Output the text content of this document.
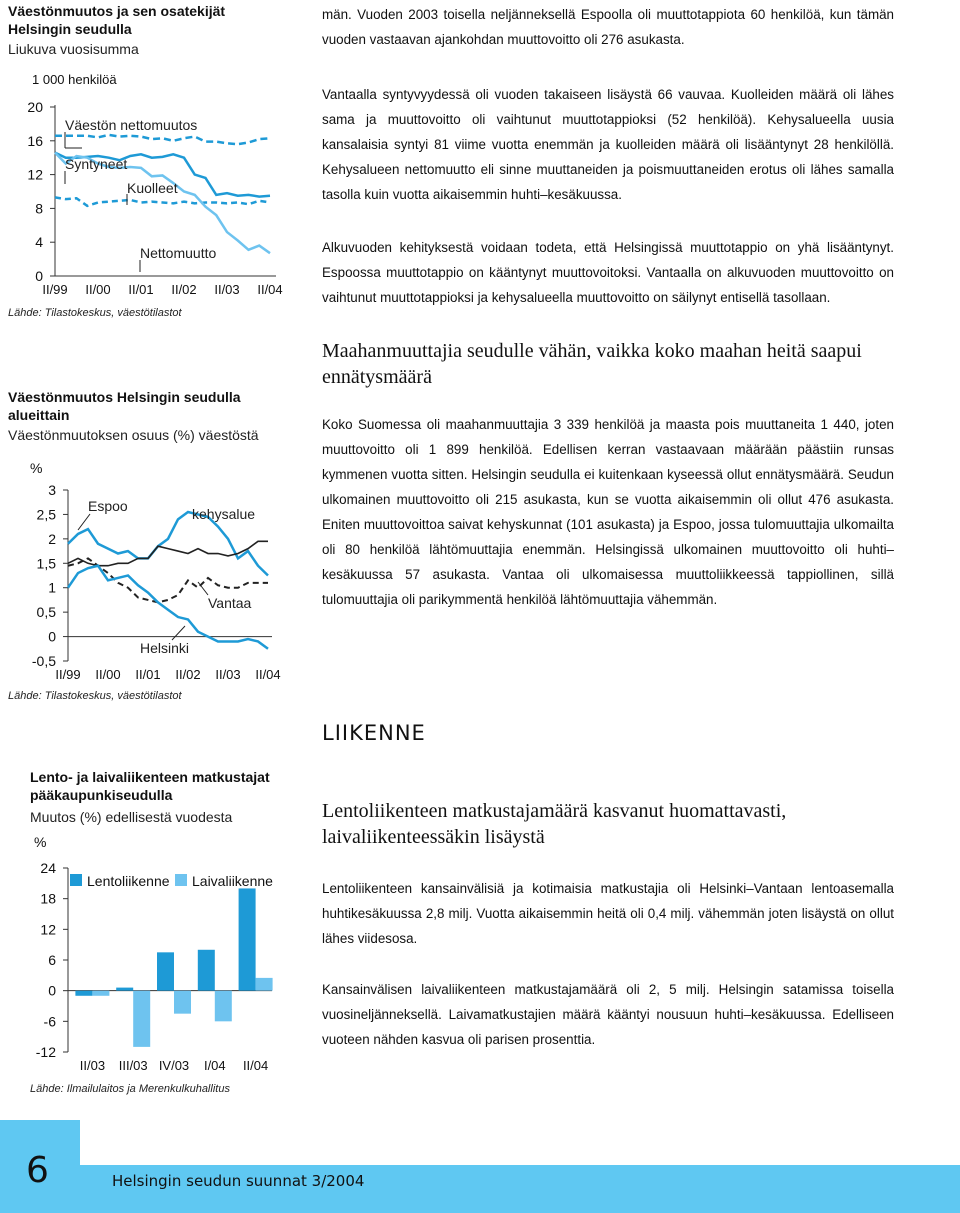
Väestönmuutos ja sen osatekijät
Helsingin seudulla
Liukuva vuosisumma
1 000 henkilöä
0
4
8
12
16
20
II/99 II/00 II/01 II/02 II/03 II/04
Väestön nettomuutos
Syntyneet
Kuolleet
Nettomuutto
Lähde: Tilastokeskus, väestötilastot
Väestönmuutos Helsingin seudulla
alueittain
Väestönmuutoksen osuus (%) väestöstä
%
-0,5
0
0,5
1
1,5
2
2,5
3
II/99 II/00 II/01 II/02 II/03 II/04
Espoo	kehysalue
Vantaa
Helsinki
Lähde: Tilastokeskus, väestötilastot
Lento- ja laivaliikenteen matkustajat
pääkaupunkiseudulla
Muutos (%) edellisestä vuodesta
%
-12
-6
0
6
12
18
24
II/03 III/03 IV/03 I/04 II/04
Lentoliikenne Laivaliikenne
Lähde: Ilmailulaitos ja Merenkulkuhallitus
män. Vuoden 2003 toisella neljänneksellä Espoolla oli muuttotappiota 60 henkilöä, kun tämän vuoden vastaavan ajankohdan muuttovoitto oli 276 asukasta.
Vantaalla syntyvyydessä oli vuoden takaiseen lisäystä 66 vauvaa. Kuolleiden määrä oli lähes sama ja muuttovoitto oli vaihtunut muuttotappioksi (52 henkilöä). Kehysalueella uusia kansalaisia syntyi 81 viime vuotta enemmän ja kuolleiden määrä oli lisääntynyt 28 henkilöllä. Kehysalueen nettomuutto eli sinne muuttaneiden ja poismuuttaneiden erotus oli lähes samalla tasolla kuin vuotta aikaisemmin huhti–kesäkuussa.
Alkuvuoden kehityksestä voidaan todeta, että Helsingissä muuttotappio on yhä lisääntynyt. Espoossa muuttotappio on kääntynyt muuttovoitoksi. Vantaalla on alkuvuoden muuttovoitto on vaihtunut muuttotappioksi ja kehysalueella muuttovoitto on säilynyt entisellä tasollaan.
Maahanmuuttajia seudulle vähän, vaikka koko maahan heitä saapui ennätysmäärä
Koko Suomessa oli maahanmuuttajia 3 339 henkilöä ja maasta pois muuttaneita 1 440, joten muuttovoitto oli 1 899 henkilöä. Edellisen kerran vastaavaan määrään päästiin runsas kymmenen vuotta sitten. Helsingin seudulla ei kuitenkaan kyseessä ollut ennätysmäärä. Seudun ulkomainen muuttovoitto oli 215 asukasta, kun se vuotta aikaisemmin oli ollut 476 asukasta. Eniten muuttovoittoa saivat kehyskunnat (101 asukasta) ja Espoo, jossa tulomuuttajia ulkomailta oli 80 henkilöä lähtömuuttajia enemmän. Helsingissä ulkomainen muuttovoitto oli huhti–kesäkuussa 57 asukasta. Vantaa oli ulkomaisessa muuttoliikkeessä tappiollinen, sillä tulomuuttajia oli parikymmentä henkilöä lähtömuuttajia vähemmän.
LIIKENNE
Lentoliikenteen matkustajamäärä kasvanut huomattavasti, laivaliikenteessäkin lisäystä
Lentoliikenteen kansainvälisiä ja kotimaisia matkustajia oli Helsinki–Vantaan lentoasemalla huhtikesäkuussa 2,8 milj. Vuotta aikaisemmin heitä oli 0,4 milj. vähemmän joten lisäystä on ollut lähes viidesosa.
Kansainvälisen laivaliikenteen matkustajamäärä oli 2, 5 milj. Helsingin satamissa toisella vuosineljänneksellä. Laivamatkustajien määrä kääntyi nousuun huhti–kesäkuussa. Edelliseen vuoteen nähden kasvua oli parisen prosenttia.
6	Helsingin seudun suunnat 3/2004
